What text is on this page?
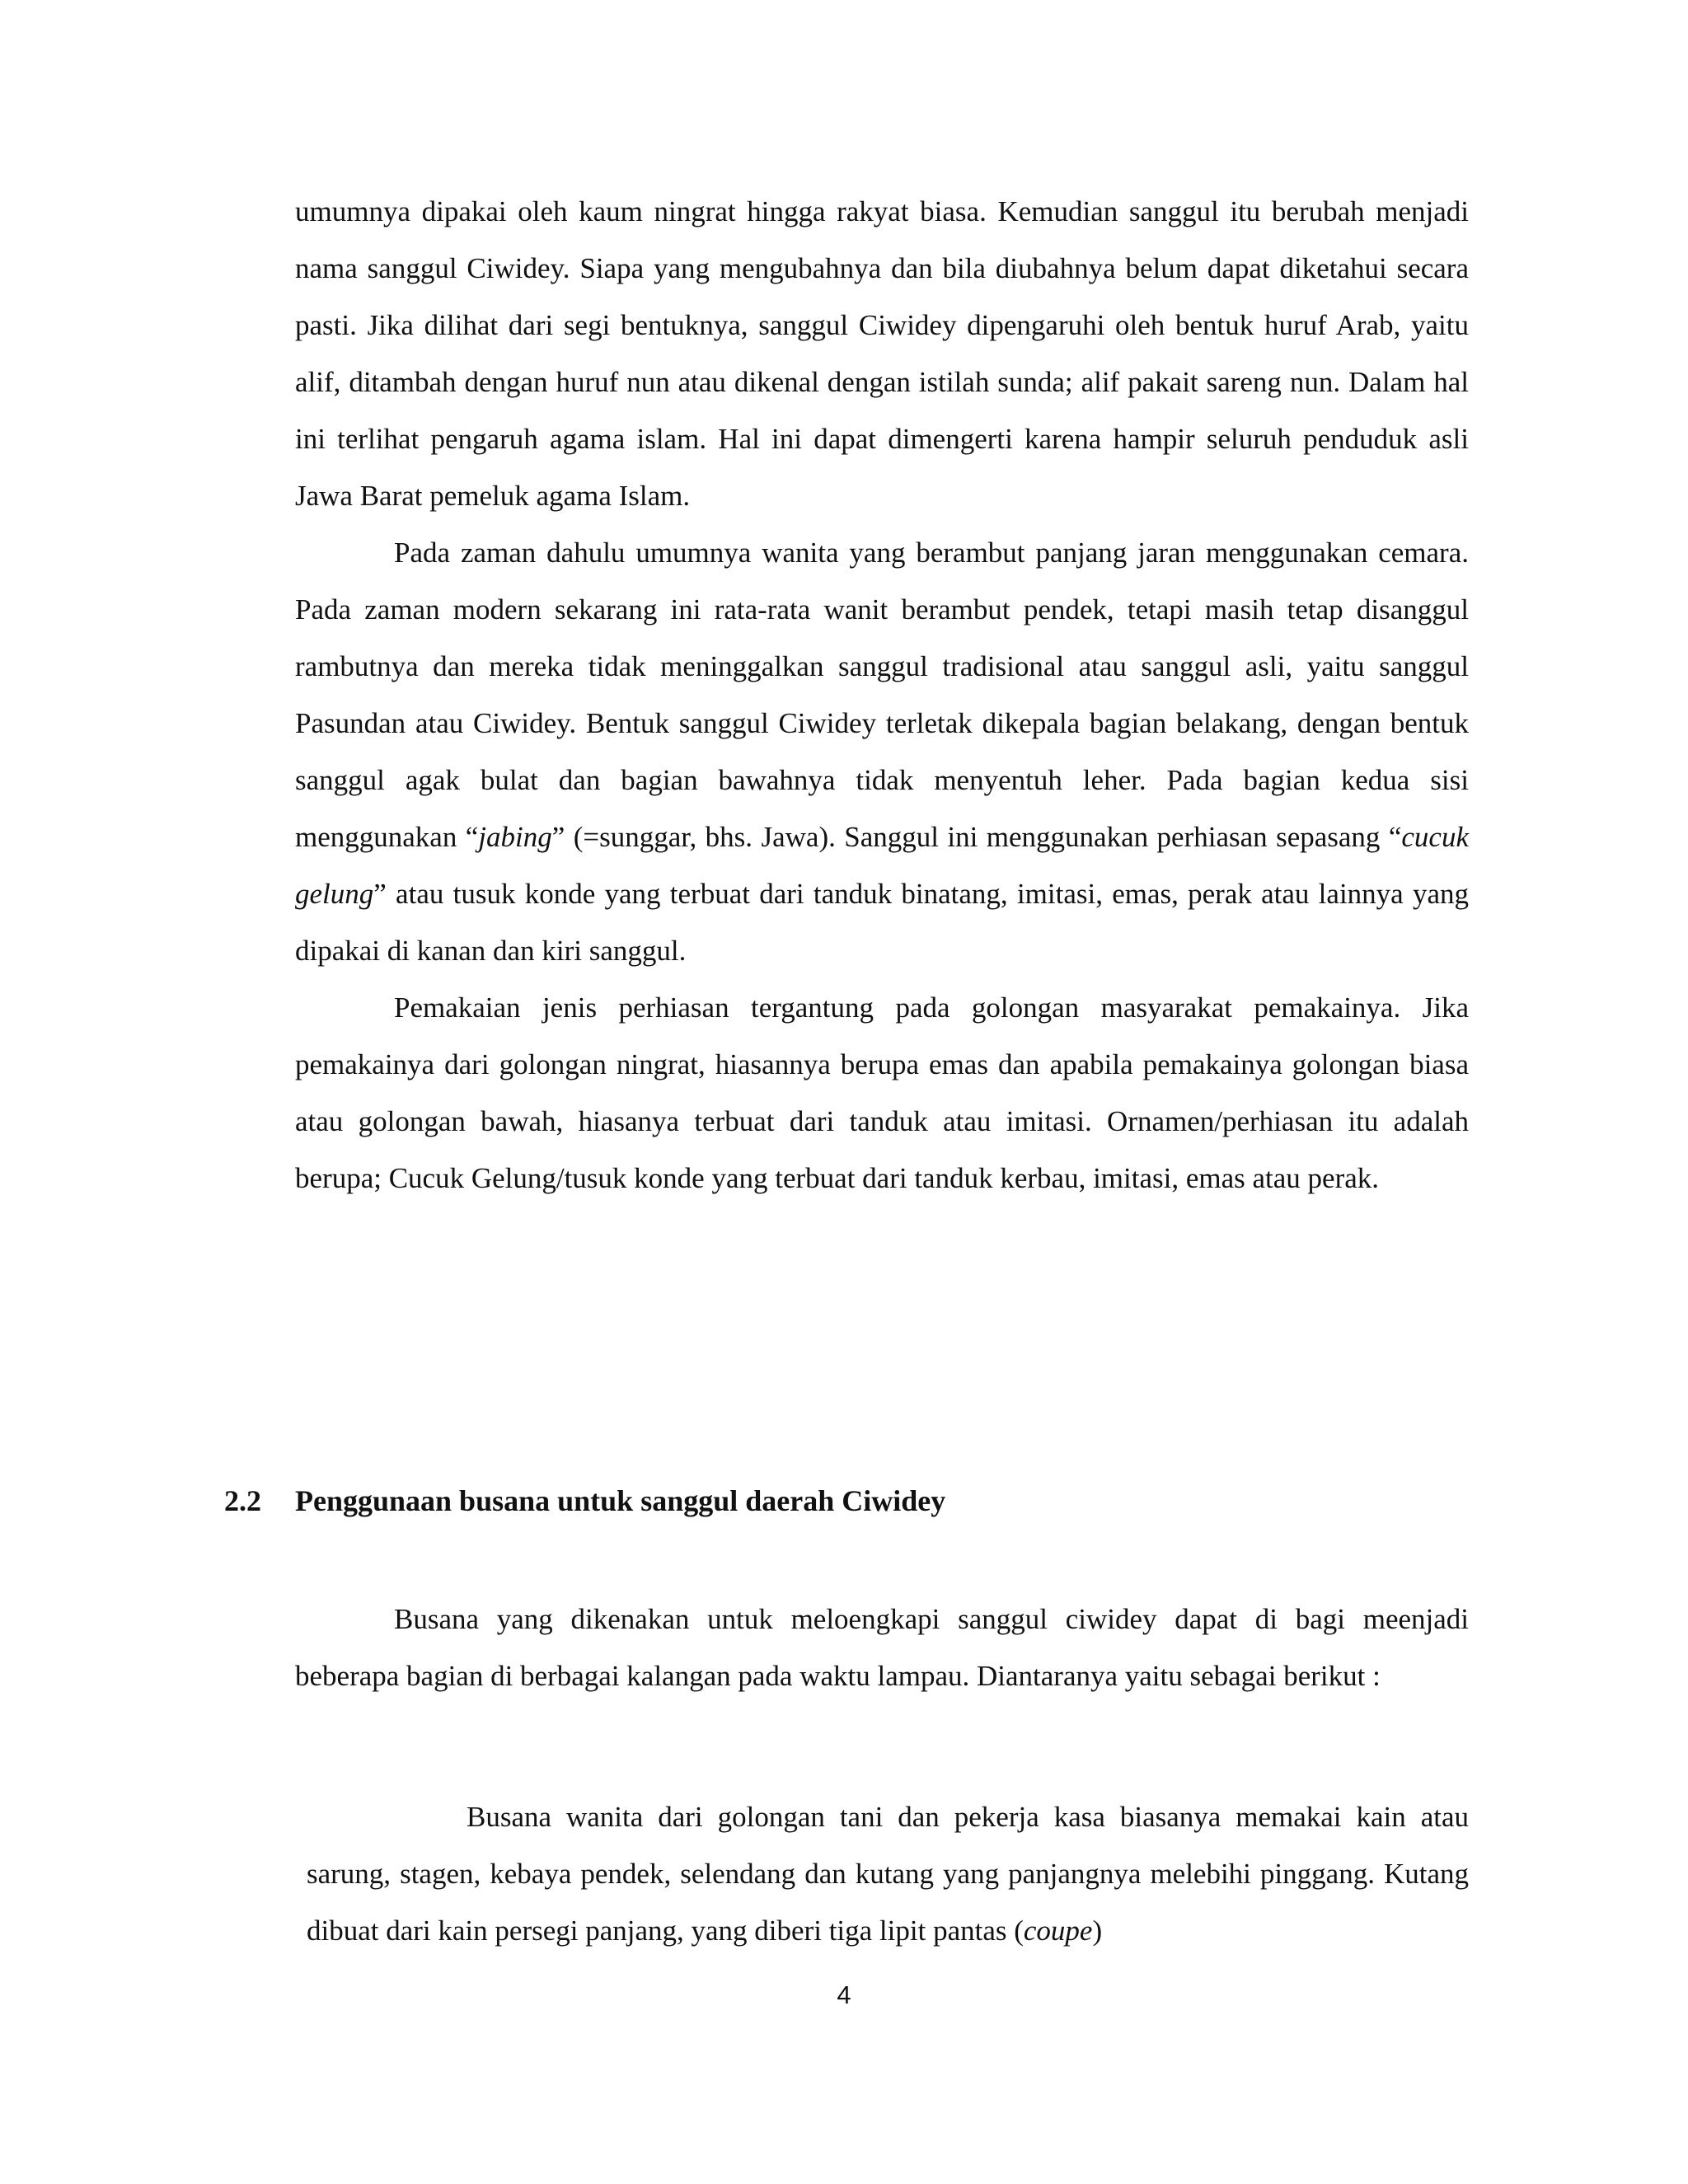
umumnya dipakai oleh kaum ningrat hingga rakyat biasa. Kemudian sanggul itu berubah menjadi nama sanggul Ciwidey. Siapa yang mengubahnya dan bila diubahnya belum dapat diketahui secara pasti. Jika dilihat dari segi bentuknya, sanggul Ciwidey dipengaruhi oleh bentuk huruf Arab, yaitu alif, ditambah dengan huruf nun atau dikenal dengan istilah sunda; alif pakait sareng nun. Dalam hal ini terlihat pengaruh agama islam. Hal ini dapat dimengerti karena hampir seluruh penduduk asli Jawa Barat pemeluk agama Islam.

Pada zaman dahulu umumnya wanita yang berambut panjang jaran menggunakan cemara. Pada zaman modern sekarang ini rata-rata wanit berambut pendek, tetapi masih tetap disanggul rambutnya dan mereka tidak meninggalkan sanggul tradisional atau sanggul asli, yaitu sanggul Pasundan atau Ciwidey. Bentuk sanggul Ciwidey terletak dikepala bagian belakang, dengan bentuk sanggul agak bulat dan bagian bawahnya tidak menyentuh leher. Pada bagian kedua sisi menggunakan “jabing” (=sunggar, bhs. Jawa). Sanggul ini menggunakan perhiasan sepasang “cucuk gelung” atau tusuk konde yang terbuat dari tanduk binatang, imitasi, emas, perak atau lainnya yang dipakai di kanan dan kiri sanggul.

Pemakaian jenis perhiasan tergantung pada golongan masyarakat pemakainya. Jika pemakainya dari golongan ningrat, hiasannya berupa emas dan apabila pemakainya golongan biasa atau golongan bawah, hiasanya terbuat dari tanduk atau imitasi. Ornamen/perhiasan itu adalah berupa; Cucuk Gelung/tusuk konde yang terbuat dari tanduk kerbau, imitasi, emas atau perak.

2.2 Penggunaan busana untuk sanggul daerah Ciwidey

Busana yang dikenakan untuk meloengkapi sanggul ciwidey dapat di bagi meenjadi beberapa bagian di berbagai kalangan pada waktu lampau. Diantaranya yaitu sebagai berikut :

Busana wanita dari golongan tani dan pekerja kasa biasanya memakai kain atau sarung, stagen, kebaya pendek, selendang dan kutang yang panjangnya melebihi pinggang. Kutang dibuat dari kain persegi panjang, yang diberi tiga lipit pantas (coupe)

4
